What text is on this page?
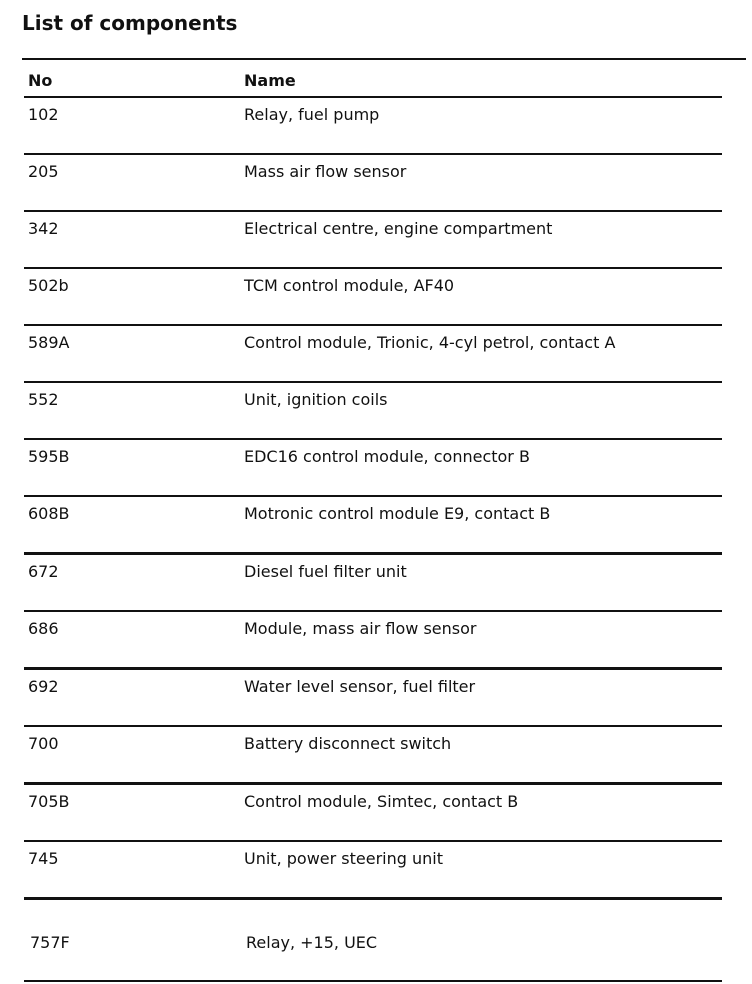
List of components
No	Name
102	Relay, fuel pump
205	Mass air flow sensor
342	Electrical centre, engine compartment
502b	TCM control module, AF40
589A	Control module, Trionic, 4-cyl petrol, contact A
552	Unit, ignition coils
595B	EDC16 control module, connector B
608B	Motronic control module E9, contact B
672	Diesel fuel filter unit
686	Module, mass air flow sensor
692	Water level sensor, fuel filter
700	Battery disconnect switch
705B	Control module, Simtec, contact B
745	Unit, power steering unit
757F	Relay, +15, UEC
